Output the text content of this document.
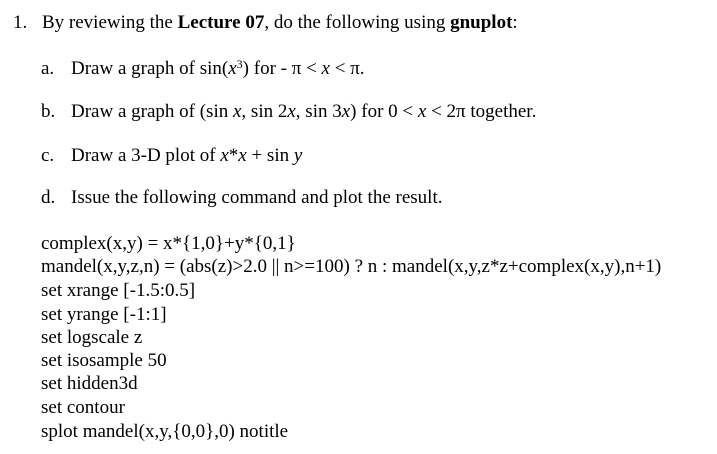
1. By reviewing the Lecture 07, do the following using gnuplot:
a. Draw a graph of $\sin(x^3)$ for - π < x < π.
b. Draw a graph of (sin x, sin 2x, sin 3x) for 0 < x < 2π together.
c. Draw a 3-D plot of x*x + sin y
d. Issue the following command and plot the result.
complex(x,y) = x*{1,0}+y*{0,1}
mandel(x,y,z,n) = (abs(z)>2.0 || n>=100) ? n : mandel(x,y,z*z+complex(x,y),n+1)
set xrange [-1.5:0.5]
set yrange [-1:1]
set logscale z
set isosample 50
set hidden3d
set contour
splot mandel(x,y,{0,0},0) notitle
